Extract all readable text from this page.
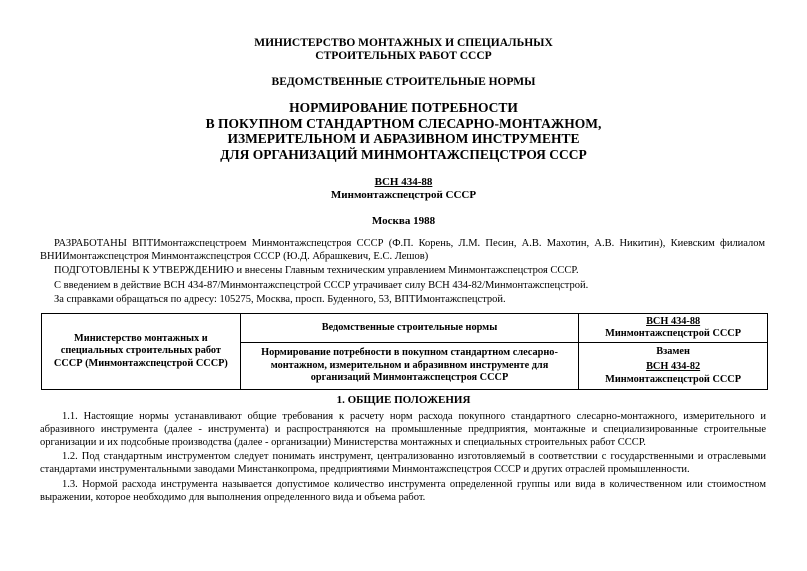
МИНИСТЕРСТВО МОНТАЖНЫХ И СПЕЦИАЛЬНЫХ
СТРОИТЕЛЬНЫХ РАБОТ СССР
ВЕДОМСТВЕННЫЕ СТРОИТЕЛЬНЫЕ НОРМЫ
НОРМИРОВАНИЕ ПОТРЕБНОСТИ
В ПОКУПНОМ СТАНДАРТНОМ СЛЕСАРНО-МОНТАЖНОМ,
ИЗМЕРИТЕЛЬНОМ И АБРАЗИВНОМ ИНСТРУМЕНТЕ
ДЛЯ ОРГАНИЗАЦИЙ МИНМОНТАЖСПЕЦСТРОЯ СССР
ВСН 434-88
Минмонтажспецстрой СССР
Москва 1988

РАЗРАБОТАНЫ ВПТИмонтажспецстроем Минмонтажспецстроя СССР (Ф.П. Корень, Л.М. Песин, А.В. Махотин, А.В. Никитин), Киевским филиалом ВНИИмонтажспецстроя Минмонтажспецстроя СССР (Ю.Д. Абрашкевич, Е.С. Лешов)

ПОДГОТОВЛЕНЫ К УТВЕРЖДЕНИЮ и внесены Главным техническим управлением Минмонтажспецстроя СССР.

С введением в действие ВСН 434-87/Минмонтажспецстрой СССР утрачивает силу ВСН 434-82/Минмонтажспецстрой.

За справками обращаться по адресу: 105275, Москва, просп. Буденного, 53, ВПТИмонтажспецстрой.

Министерство монтажных и специальных строительных работ СССР (Минмонтажспецстрой СССР)	Ведомственные строительные нормы	ВСН 434-88
Минмонтажспецстрой СССР

	Нормирование потребности в покупном стандартном слесарно-монтажном, измерительном и абразивном инструменте для организаций Минмонтажспецстроя СССР	Взамен
ВСН 434-82
Минмонтажспецстрой СССР
1. ОБЩИЕ ПОЛОЖЕНИЯ

1.1. Настоящие нормы устанавливают общие требования к расчету норм расхода покупного стандартного слесарно-монтажного, измерительного и абразивного инструмента (далее - инструмента) и распространяются на промышленные предприятия, монтажные и специализированные строительные организации и их подсобные производства (далее - организации) Министерства монтажных и специальных строительных работ СССР.

1.2. Под стандартным инструментом следует понимать инструмент, централизованно изготовляемый в соответствии с государственными и отраслевыми стандартами инструментальными заводами Минстанкопрома, предприятиями Минмонтажспецстроя СССР и других отраслей промышленности.

1.3. Нормой расхода инструмента называется допустимое количество инструмента определенной группы или вида в количественном или стоимостном выражении, которое необходимо для выполнения определенного вида и объема работ.
